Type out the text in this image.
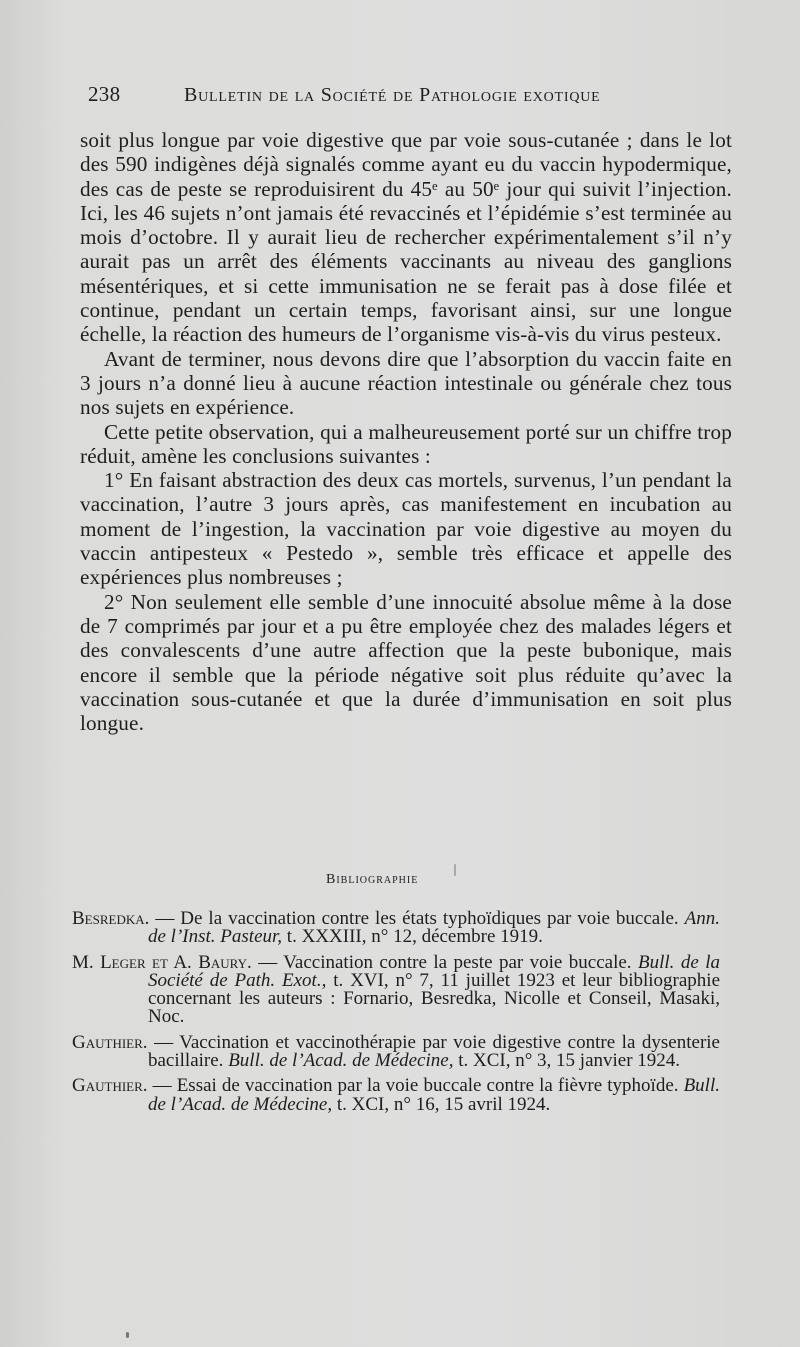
238	Bulletin de la Société de Pathologie exotique

soit plus longue par voie digestive que par voie sous-cutanée ; dans le lot des 590 indigènes déjà signalés comme ayant eu du vaccin hypodermique, des cas de peste se reproduisirent du 45ᵉ au 50ᵉ jour qui suivit l’injection. Ici, les 46 sujets n’ont jamais été revaccinés et l’épidémie s’est terminée au mois d’octobre. Il y aurait lieu de rechercher expérimentalement s’il n’y aurait pas un arrêt des éléments vaccinants au niveau des ganglions mésentériques, et si cette immunisation ne se ferait pas à dose filée et continue, pendant un certain temps, favorisant ainsi, sur une longue échelle, la réaction des humeurs de l’organisme vis-à-vis du virus pesteux.

Avant de terminer, nous devons dire que l’absorption du vaccin faite en 3 jours n’a donné lieu à aucune réaction intestinale ou générale chez tous nos sujets en expérience.

Cette petite observation, qui a malheureusement porté sur un chiffre trop réduit, amène les conclusions suivantes :

1° En faisant abstraction des deux cas mortels, survenus, l’un pendant la vaccination, l’autre 3 jours après, cas manifestement en incubation au moment de l’ingestion, la vaccination par voie digestive au moyen du vaccin antipesteux « Pestedo », semble très efficace et appelle des expériences plus nombreuses ;

2° Non seulement elle semble d’une innocuité absolue même à la dose de 7 comprimés par jour et a pu être employée chez des malades légers et des convalescents d’une autre affection que la peste bubonique, mais encore il semble que la période négative soit plus réduite qu’avec la vaccination sous-cutanée et que la durée d’immunisation en soit plus longue.

Bibliographie

Besredka. — De la vaccination contre les états typhoïdiques par voie buccale. Ann. de l’Inst. Pasteur, t. XXXIII, n° 12, décembre 1919.

M. Leger et A. Baury. — Vaccination contre la peste par voie buccale. Bull. de la Société de Path. Exot., t. XVI, n° 7, 11 juillet 1923 et leur bibliographie concernant les auteurs : Fornario, Besredka, Nicolle et Conseil, Masaki, Noc.

Gauthier. — Vaccination et vaccinothérapie par voie digestive contre la dysenterie bacillaire. Bull. de l’Acad. de Médecine, t. XCI, n° 3, 15 janvier 1924.

Gauthier. — Essai de vaccination par la voie buccale contre la fièvre typhoïde. Bull. de l’Acad. de Médecine, t. XCI, n° 16, 15 avril 1924.
